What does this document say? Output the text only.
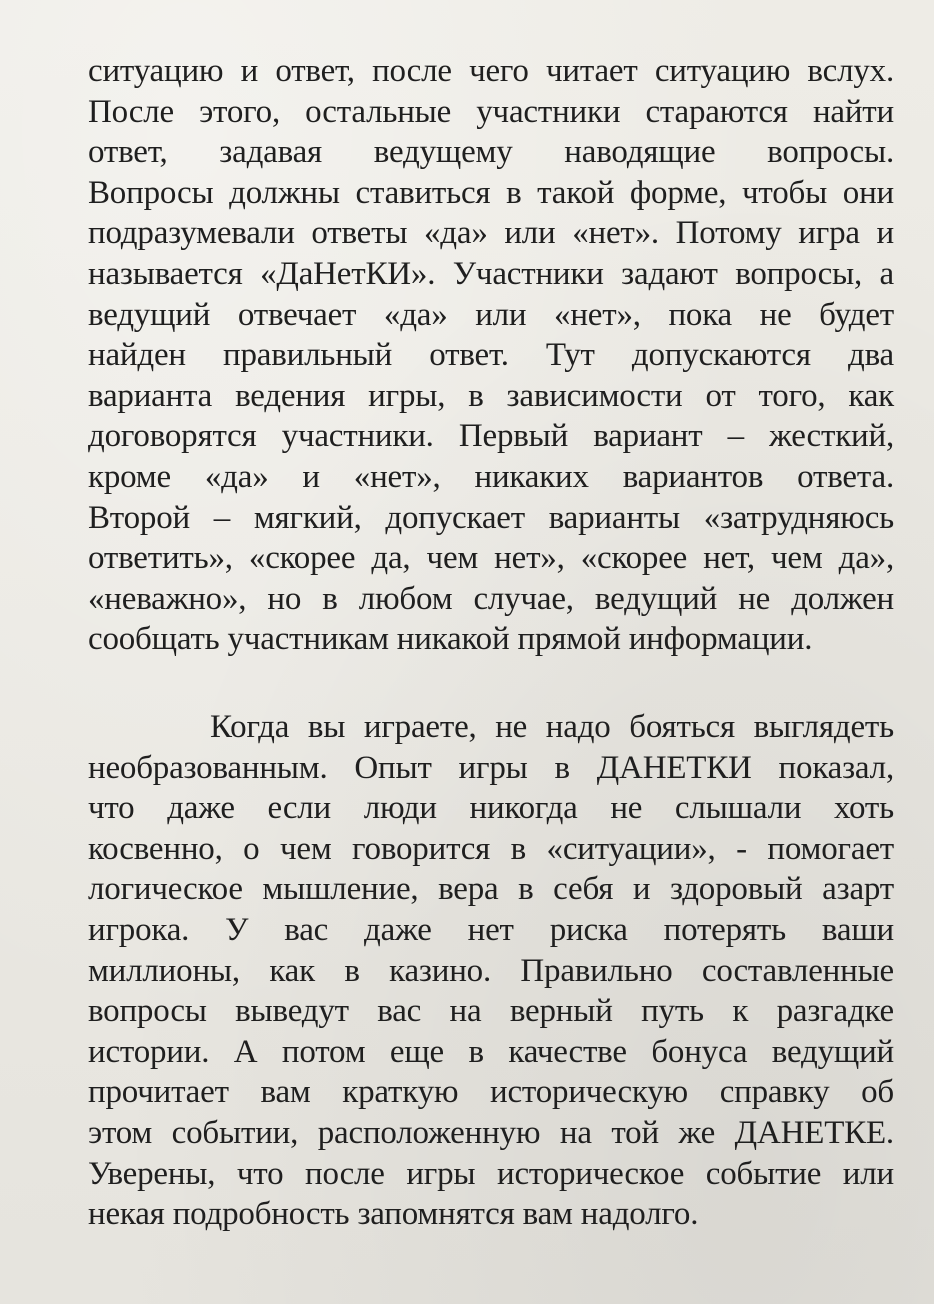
ситуацию и ответ, после чего читает ситуацию вслух.
После этого, остальные участники стараются найти
ответ, задавая ведущему наводящие вопросы.
Вопросы должны ставиться в такой форме, чтобы они
подразумевали ответы «да» или «нет». Потому игра и
называется «ДаНетКИ». Участники задают вопросы, а
ведущий отвечает «да» или «нет», пока не будет
найден правильный ответ. Тут допускаются два
варианта ведения игры, в зависимости от того, как
договорятся участники. Первый вариант – жесткий,
кроме «да» и «нет», никаких вариантов ответа.
Второй – мягкий, допускает варианты «затрудняюсь
ответить», «скорее да, чем нет», «скорее нет, чем да»,
«неважно», но в любом случае, ведущий не должен
сообщать участникам никакой прямой информации.
Когда вы играете, не надо бояться выглядеть
необразованным. Опыт игры в ДАНЕТКИ показал,
что даже если люди никогда не слышали хоть
косвенно, о чем говорится в «ситуации», - помогает
логическое мышление, вера в себя и здоровый азарт
игрока. У вас даже нет риска потерять ваши
миллионы, как в казино. Правильно составленные
вопросы выведут вас на верный путь к разгадке
истории. А потом еще в качестве бонуса ведущий
прочитает вам краткую историческую справку об
этом событии, расположенную на той же ДАНЕТКЕ.
Уверены, что после игры историческое событие или
некая подробность запомнятся вам надолго.
